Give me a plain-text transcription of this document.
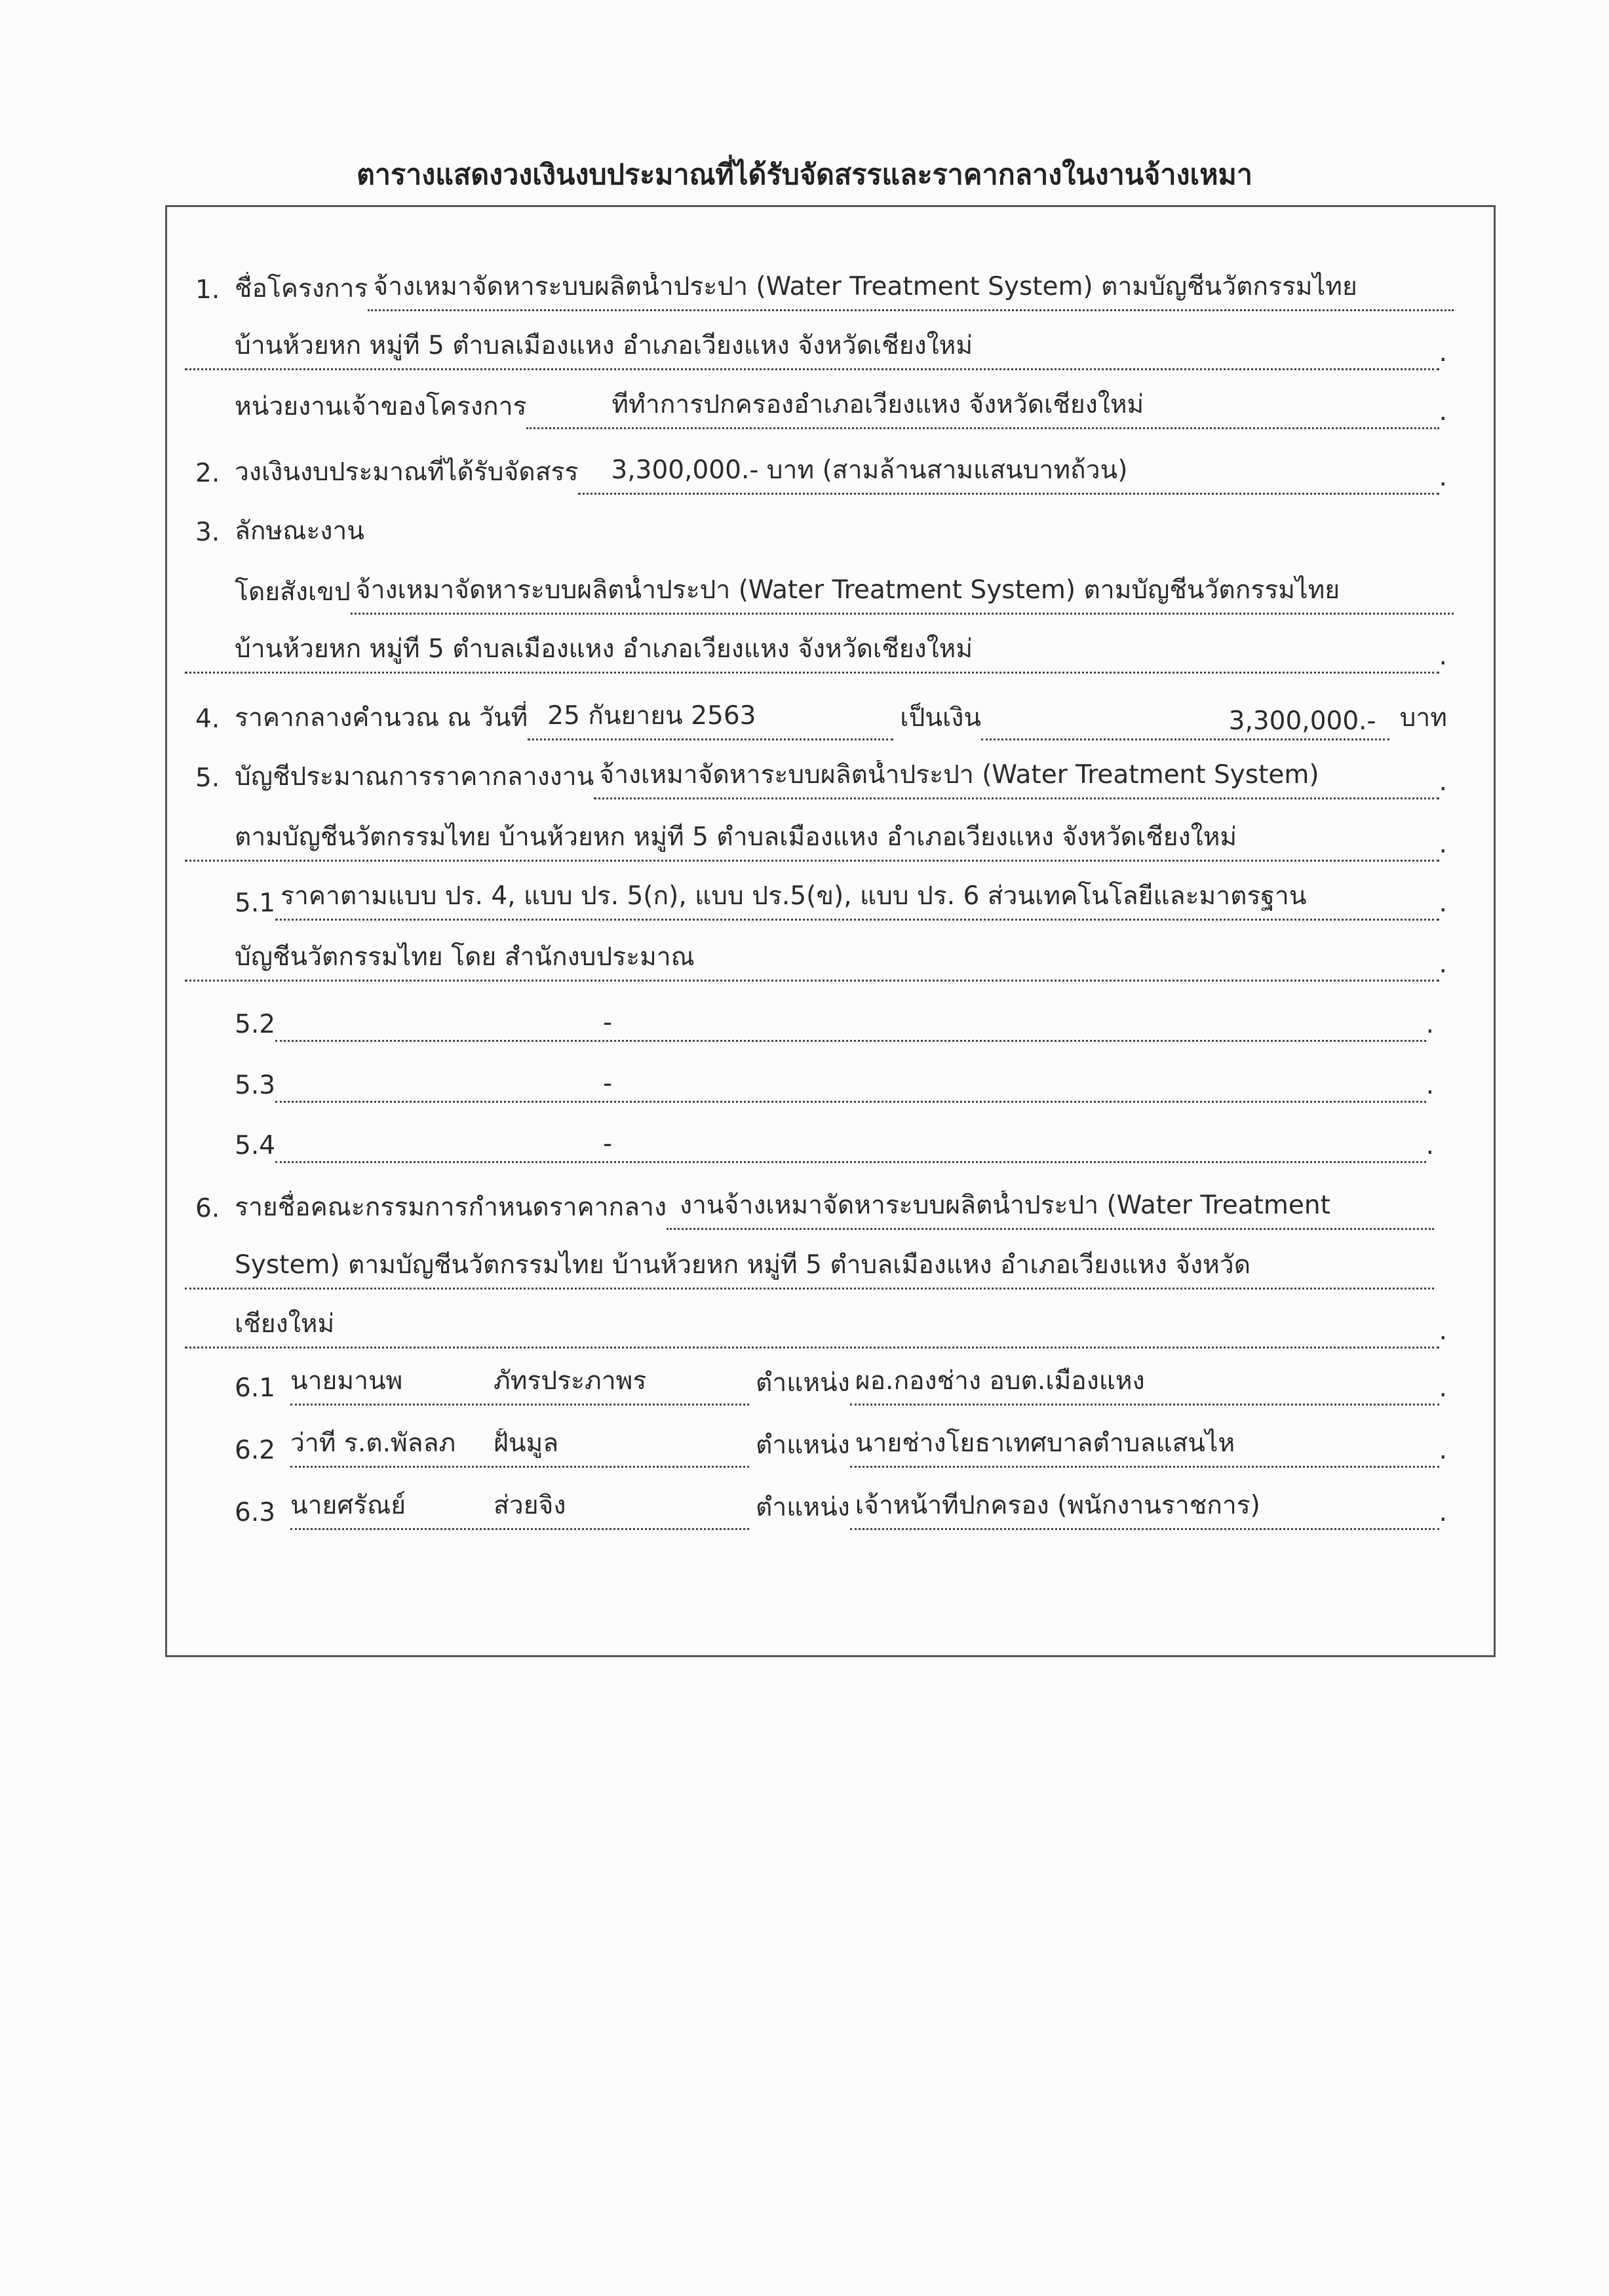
ตารางแสดงวงเงินงบประมาณที่ได้รับจัดสรรและราคากลางในงานจ้างเหมา
1. ชื่อโครงการ จ้างเหมาจัดหาระบบผลิตน้ำประปา (Water Treatment System) ตามบัญชีนวัตกรรมไทย
บ้านห้วยหก หมู่ที่ 5 ตำบลเมืองแหง อำเภอเวียงแหง จังหวัดเชียงใหม่	.
หน่วยงานเจ้าของโครงการ	ที่ทำการปกครองอำเภอเวียงแหง จังหวัดเชียงใหม่	.
2. วงเงินงบประมาณที่ได้รับจัดสรร	3,300,000.- บาท (สามล้านสามแสนบาทถ้วน)	.
3. ลักษณะงาน
โดยสังเขป จ้างเหมาจัดหาระบบผลิตน้ำประปา (Water Treatment System) ตามบัญชีนวัตกรรมไทย
บ้านห้วยหก หมู่ที่ 5 ตำบลเมืองแหง อำเภอเวียงแหง จังหวัดเชียงใหม่	.
4. ราคากลางคำนวณ ณ วันที่ 25 กันยายน 2563	เป็นเงิน	3,300,000.- บาท
5. บัญชีประมาณการราคากลางงาน จ้างเหมาจัดหาระบบผลิตน้ำประปา (Water Treatment System)	.
ตามบัญชีนวัตกรรมไทย บ้านห้วยหก หมู่ที่ 5 ตำบลเมืองแหง อำเภอเวียงแหง จังหวัดเชียงใหม่	.
5.1 ราคาตามแบบ ปร. 4, แบบ ปร. 5(ก), แบบ ปร.5(ข), แบบ ปร. 6 ส่วนเทคโนโลยีและมาตรฐาน	.
บัญชีนวัตกรรมไทย โดย สำนักงบประมาณ	.
5.2	-	.
5.3	-	.
5.4	-	.
6. รายชื่อคณะกรรมการกำหนดราคากลาง งานจ้างเหมาจัดหาระบบผลิตน้ำประปา (Water Treatment
System) ตามบัญชีนวัตกรรมไทย บ้านห้วยหก หมู่ที่ 5 ตำบลเมืองแหง อำเภอเวียงแหง จังหวัด
เชียงใหม่	.
6.1 นายมานพ	ภัทรประภาพร	ตำแหน่ง ผอ.กองช่าง อบต.เมืองแหง	.
6.2 ว่าที่ ร.ต.พัลลภ	ฝั้นมูล	ตำแหน่ง นายช่างโยธาเทศบาลตำบลแสนไห	.
6.3 นายศรัณย์	ส่วยจิ่ง	ตำแหน่ง เจ้าหน้าที่ปกครอง (พนักงานราชการ)	.
